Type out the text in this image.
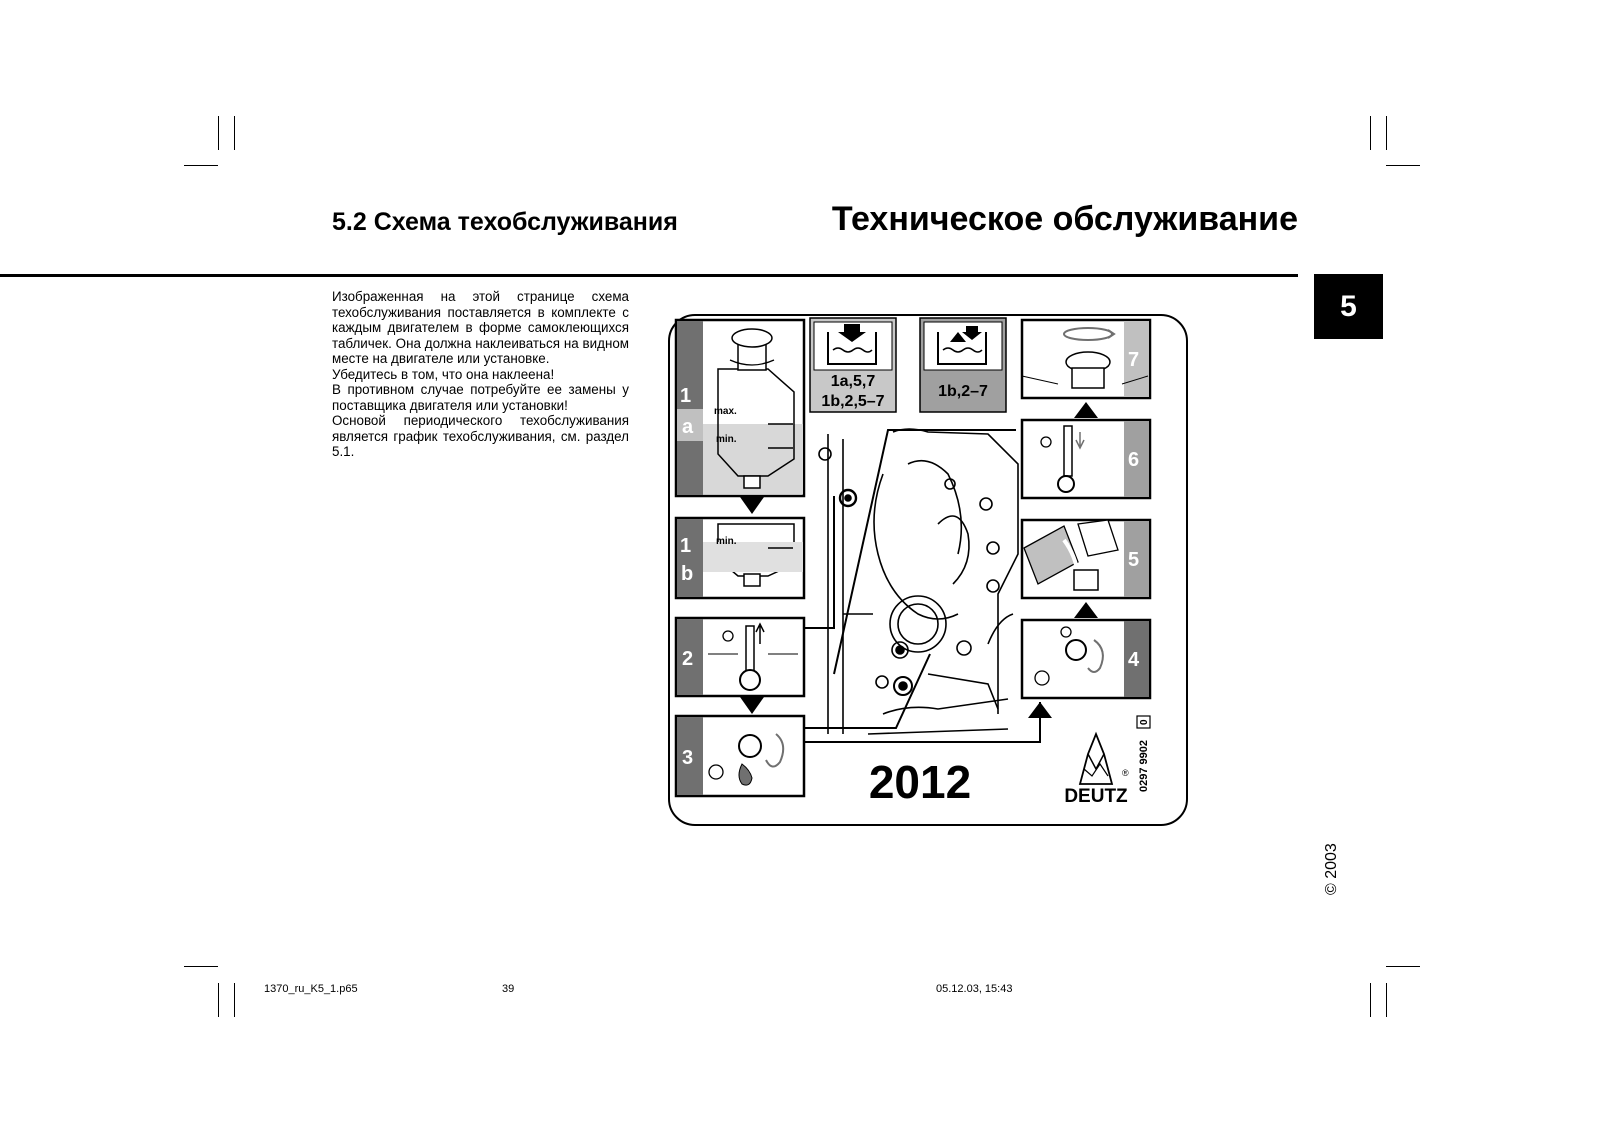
5.2 Схема техобслуживания	Техническое обслуживание
5

Изображенная на этой странице схема техобслуживания поставляется в комплекте с каждым двигателем в форме самоклеющихся табличек. Она должна наклеиваться на видном месте на двигателе или установке.

Убедитесь в том, что она наклеена!

В противном случае потребуйте ее замены у поставщика двигателя или установки!

Основой периодического техобслуживания является график техобслуживания, см. раздел 5.1.

max.
min.
1
a
min.
1
b
2
3
1a,5,7
1b,2,5–7
1b,2–7
7
6
5
4
2012	DEUTZ
® 0297 9902
0
© 2003
1370_ru_K5_1.p65	39	05.12.03, 15:43
